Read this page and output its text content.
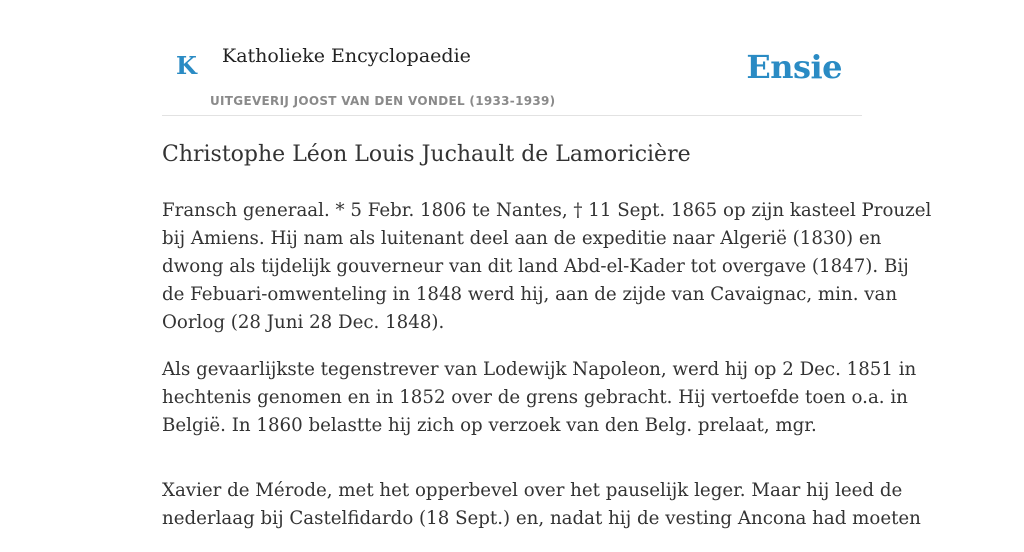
K Katholieke Encyclopaedie
UITGEVERIJ JOOST VAN DEN VONDEL (1933-1939)
Ensie
Christophe Léon Louis Juchault de Lamoricière

Fransch generaal. * 5 Febr. 1806 te Nantes, † 11 Sept. 1865 op zijn kasteel Prouzel
bij Amiens. Hij nam als luitenant deel aan de expeditie naar Algerië (1830) en
dwong als tijdelijk gouverneur van dit land Abd-el-Kader tot overgave (1847). Bij
de Febuari-omwenteling in 1848 werd hij, aan de zijde van Cavaignac, min. van
Oorlog (28 Juni 28 Dec. 1848).

Als gevaarlijkste tegenstrever van Lodewijk Napoleon, werd hij op 2 Dec. 1851 in
hechtenis genomen en in 1852 over de grens gebracht. Hij vertoefde toen o.a. in
België. In 1860 belastte hij zich op verzoek van den Belg. prelaat, mgr.

Xavier de Mérode, met het opperbevel over het pauselijk leger. Maar hij leed de
nederlaag bij Castelfidardo (18 Sept.) en, nadat hij de vesting Ancona had moeten
